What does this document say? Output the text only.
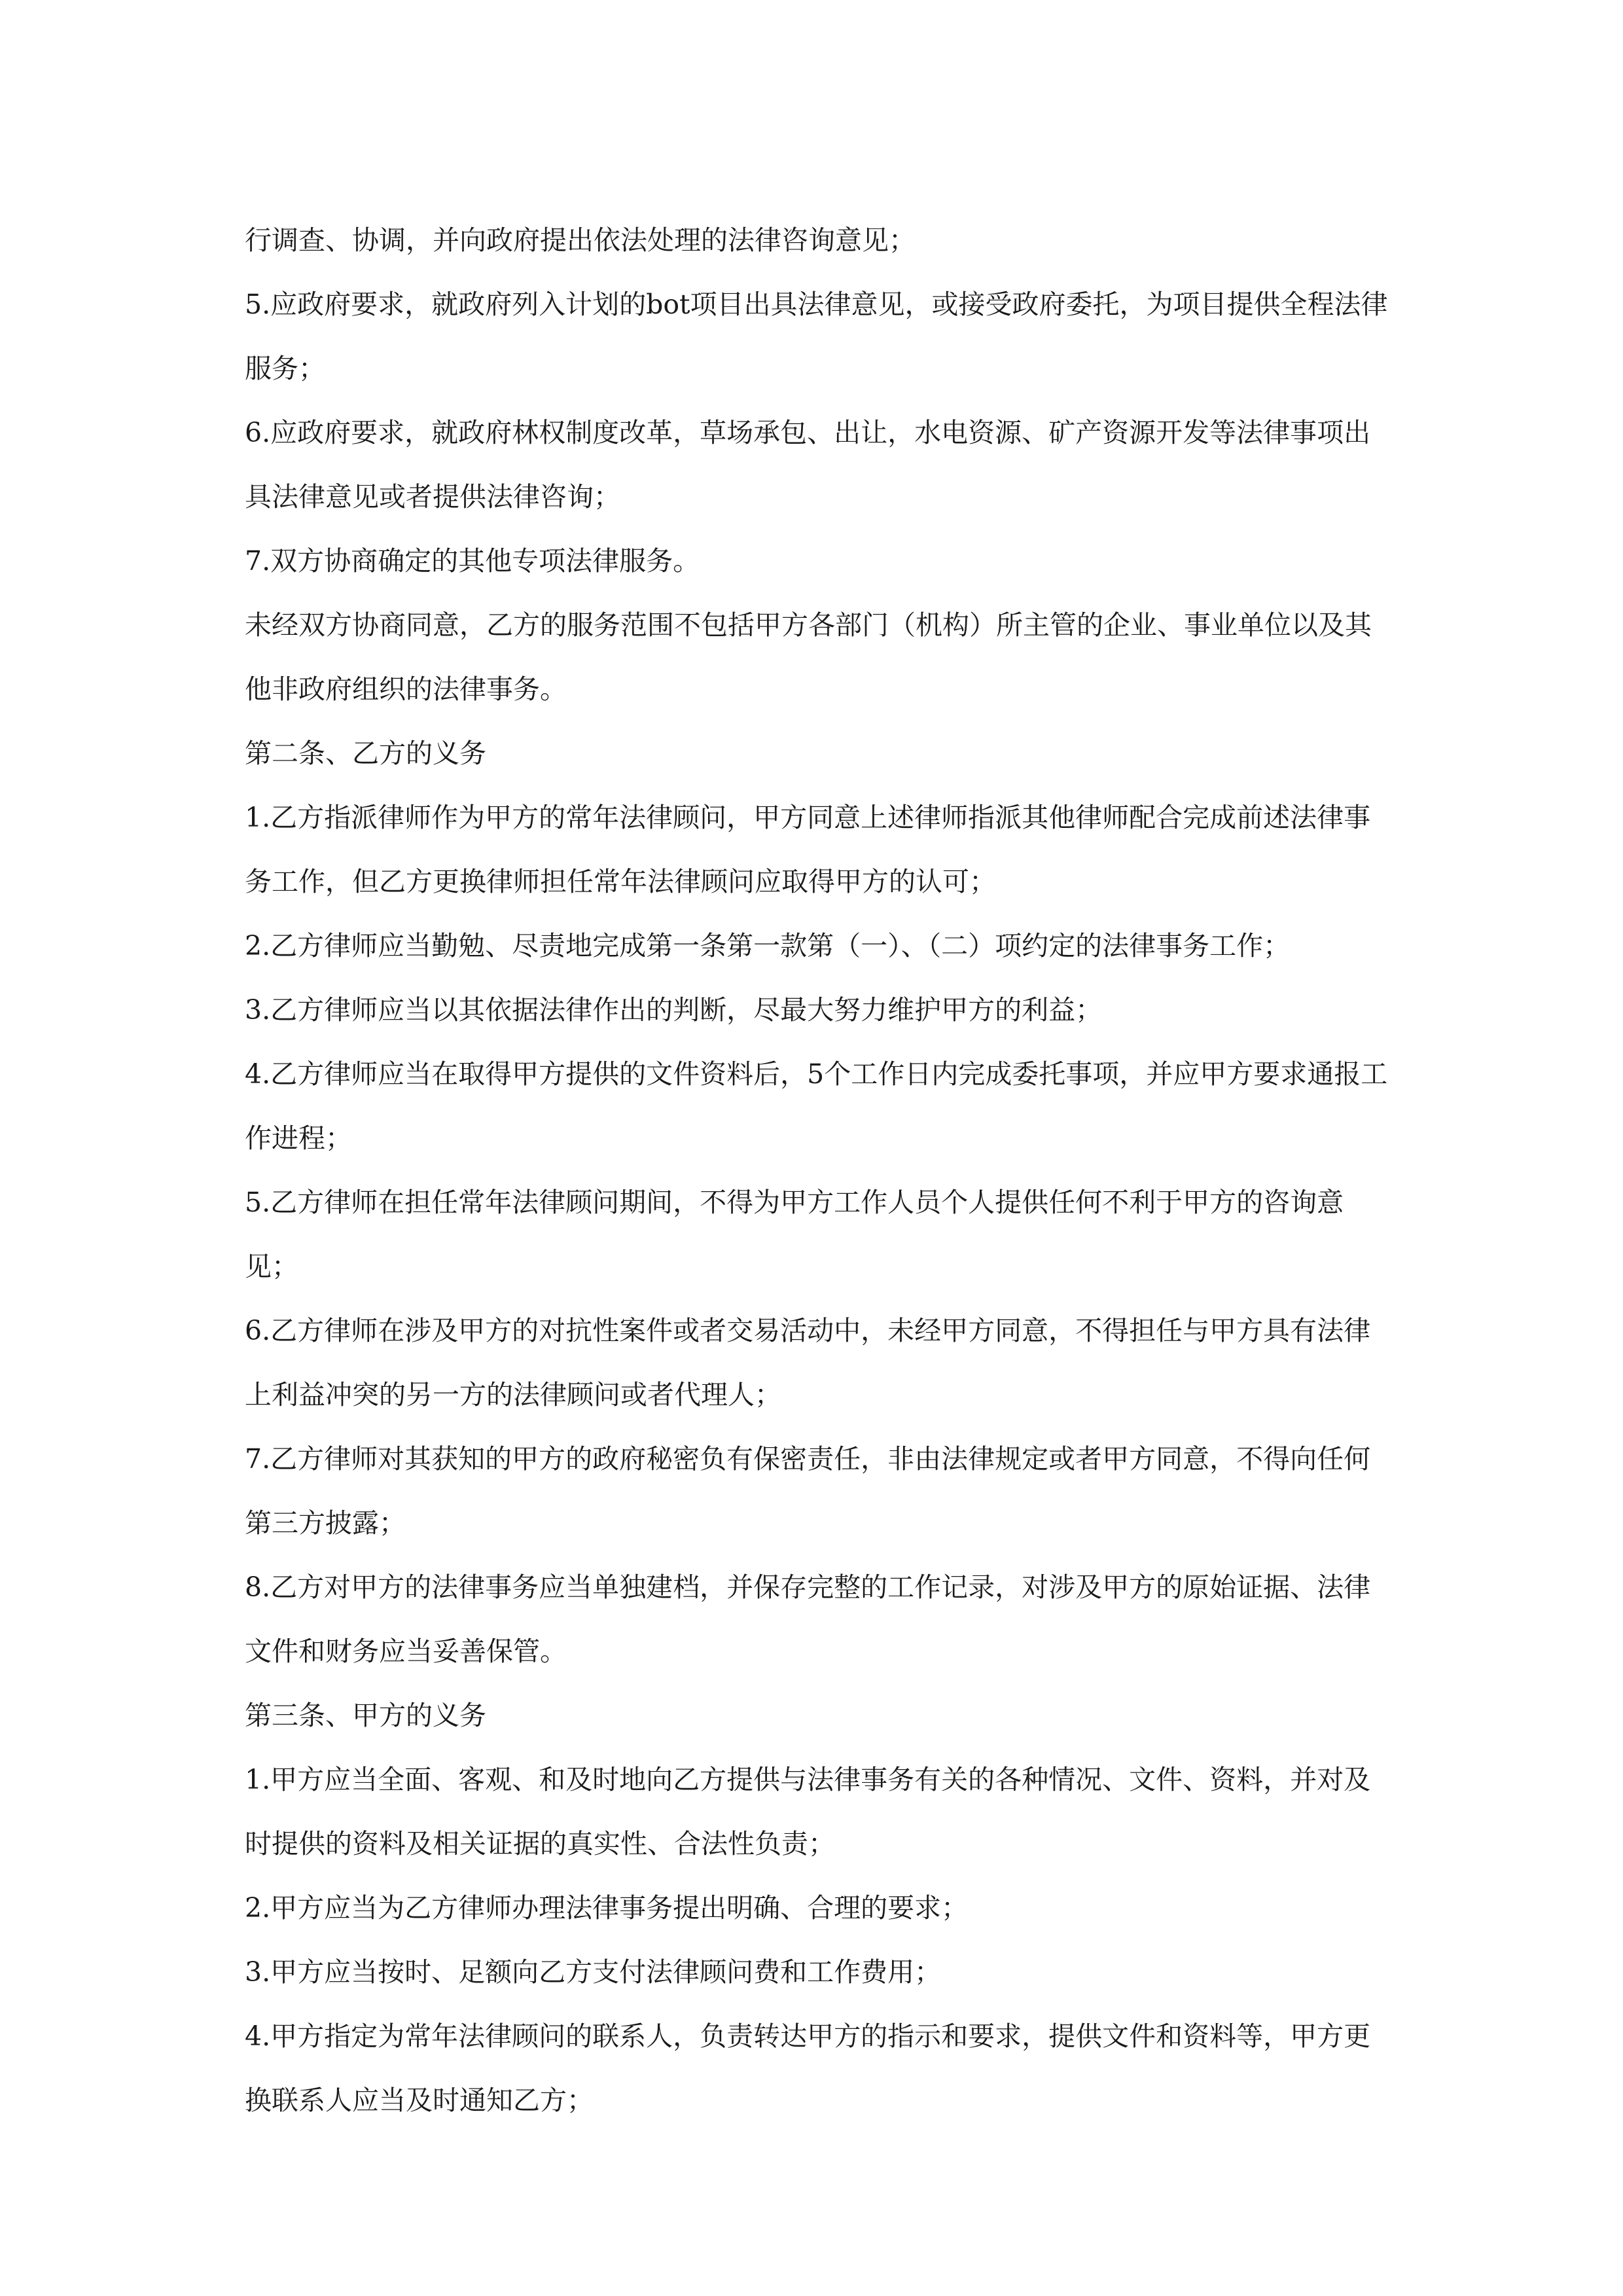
行调查、协调，并向政府提出依法处理的法律咨询意见；

5.应政府要求，就政府列入计划的bot项目出具法律意见，或接受政府委托，为项目提供全程法律服务；

6.应政府要求，就政府林权制度改革，草场承包、出让，水电资源、矿产资源开发等法律事项出具法律意见或者提供法律咨询；

7.双方协商确定的其他专项法律服务。

未经双方协商同意，乙方的服务范围不包括甲方各部门（机构）所主管的企业、事业单位以及其他非政府组织的法律事务。

第二条、乙方的义务

1.乙方指派律师作为甲方的常年法律顾问，甲方同意上述律师指派其他律师配合完成前述法律事务工作，但乙方更换律师担任常年法律顾问应取得甲方的认可；

2.乙方律师应当勤勉、尽责地完成第一条第一款第（一）、（二）项约定的法律事务工作；

3.乙方律师应当以其依据法律作出的判断，尽最大努力维护甲方的利益；

4.乙方律师应当在取得甲方提供的文件资料后，5个工作日内完成委托事项，并应甲方要求通报工作进程；

5.乙方律师在担任常年法律顾问期间，不得为甲方工作人员个人提供任何不利于甲方的咨询意见；

6.乙方律师在涉及甲方的对抗性案件或者交易活动中，未经甲方同意，不得担任与甲方具有法律上利益冲突的另一方的法律顾问或者代理人；

7.乙方律师对其获知的甲方的政府秘密负有保密责任，非由法律规定或者甲方同意，不得向任何第三方披露；

8.乙方对甲方的法律事务应当单独建档，并保存完整的工作记录，对涉及甲方的原始证据、法律文件和财务应当妥善保管。

第三条、甲方的义务

1.甲方应当全面、客观、和及时地向乙方提供与法律事务有关的各种情况、文件、资料，并对及时提供的资料及相关证据的真实性、合法性负责；

2.甲方应当为乙方律师办理法律事务提出明确、合理的要求；

3.甲方应当按时、足额向乙方支付法律顾问费和工作费用；

4.甲方指定为常年法律顾问的联系人，负责转达甲方的指示和要求，提供文件和资料等，甲方更换联系人应当及时通知乙方；
